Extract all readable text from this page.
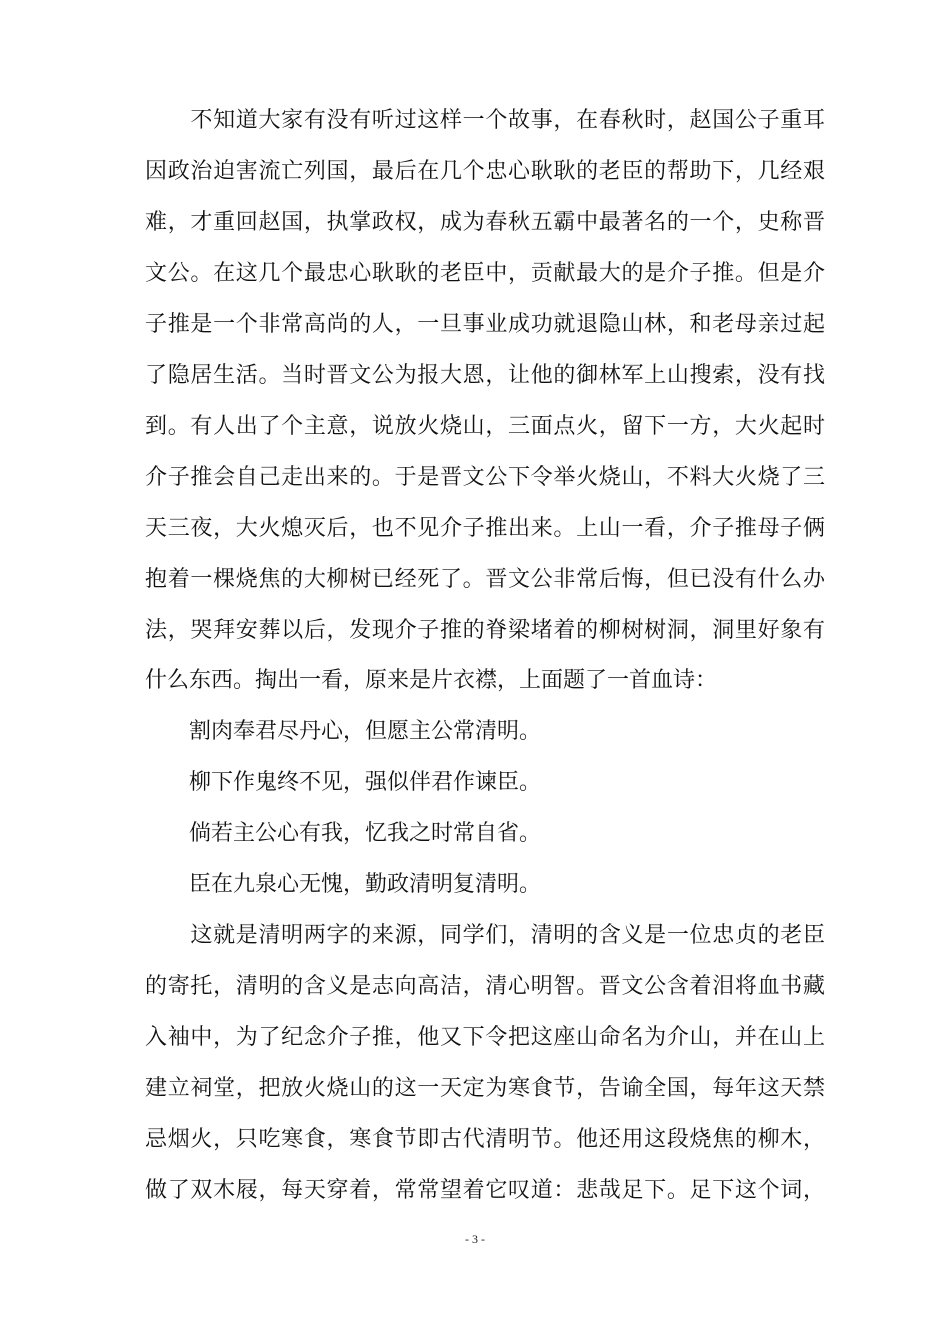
　　不知道大家有没有听过这样一个故事，在春秋时，赵国公子重耳
因政治迫害流亡列国，最后在几个忠心耿耿的老臣的帮助下，几经艰
难，才重回赵国，执掌政权，成为春秋五霸中最著名的一个，史称晋
文公。在这几个最忠心耿耿的老臣中，贡献最大的是介子推。但是介
子推是一个非常高尚的人，一旦事业成功就退隐山林，和老母亲过起
了隐居生活。当时晋文公为报大恩，让他的御林军上山搜索，没有找
到。有人出了个主意，说放火烧山，三面点火，留下一方，大火起时
介子推会自己走出来的。于是晋文公下令举火烧山，不料大火烧了三
天三夜，大火熄灭后，也不见介子推出来。上山一看，介子推母子俩
抱着一棵烧焦的大柳树已经死了。晋文公非常后悔，但已没有什么办
法，哭拜安葬以后，发现介子推的脊梁堵着的柳树树洞，洞里好象有
什么东西。掏出一看，原来是片衣襟，上面题了一首血诗：
　　割肉奉君尽丹心，但愿主公常清明。
　　柳下作鬼终不见，强似伴君作谏臣。
　　倘若主公心有我，忆我之时常自省。
　　臣在九泉心无愧，勤政清明复清明。
　　这就是清明两字的来源，同学们，清明的含义是一位忠贞的老臣
的寄托，清明的含义是志向高洁，清心明智。晋文公含着泪将血书藏
入袖中，为了纪念介子推，他又下令把这座山命名为介山，并在山上
建立祠堂，把放火烧山的这一天定为寒食节，告谕全国，每年这天禁
忌烟火，只吃寒食，寒食节即古代清明节。他还用这段烧焦的柳木，
- 3 -
做了双木屐，每天穿着，常常望着它叹道：悲哉足下。足下这个词，
